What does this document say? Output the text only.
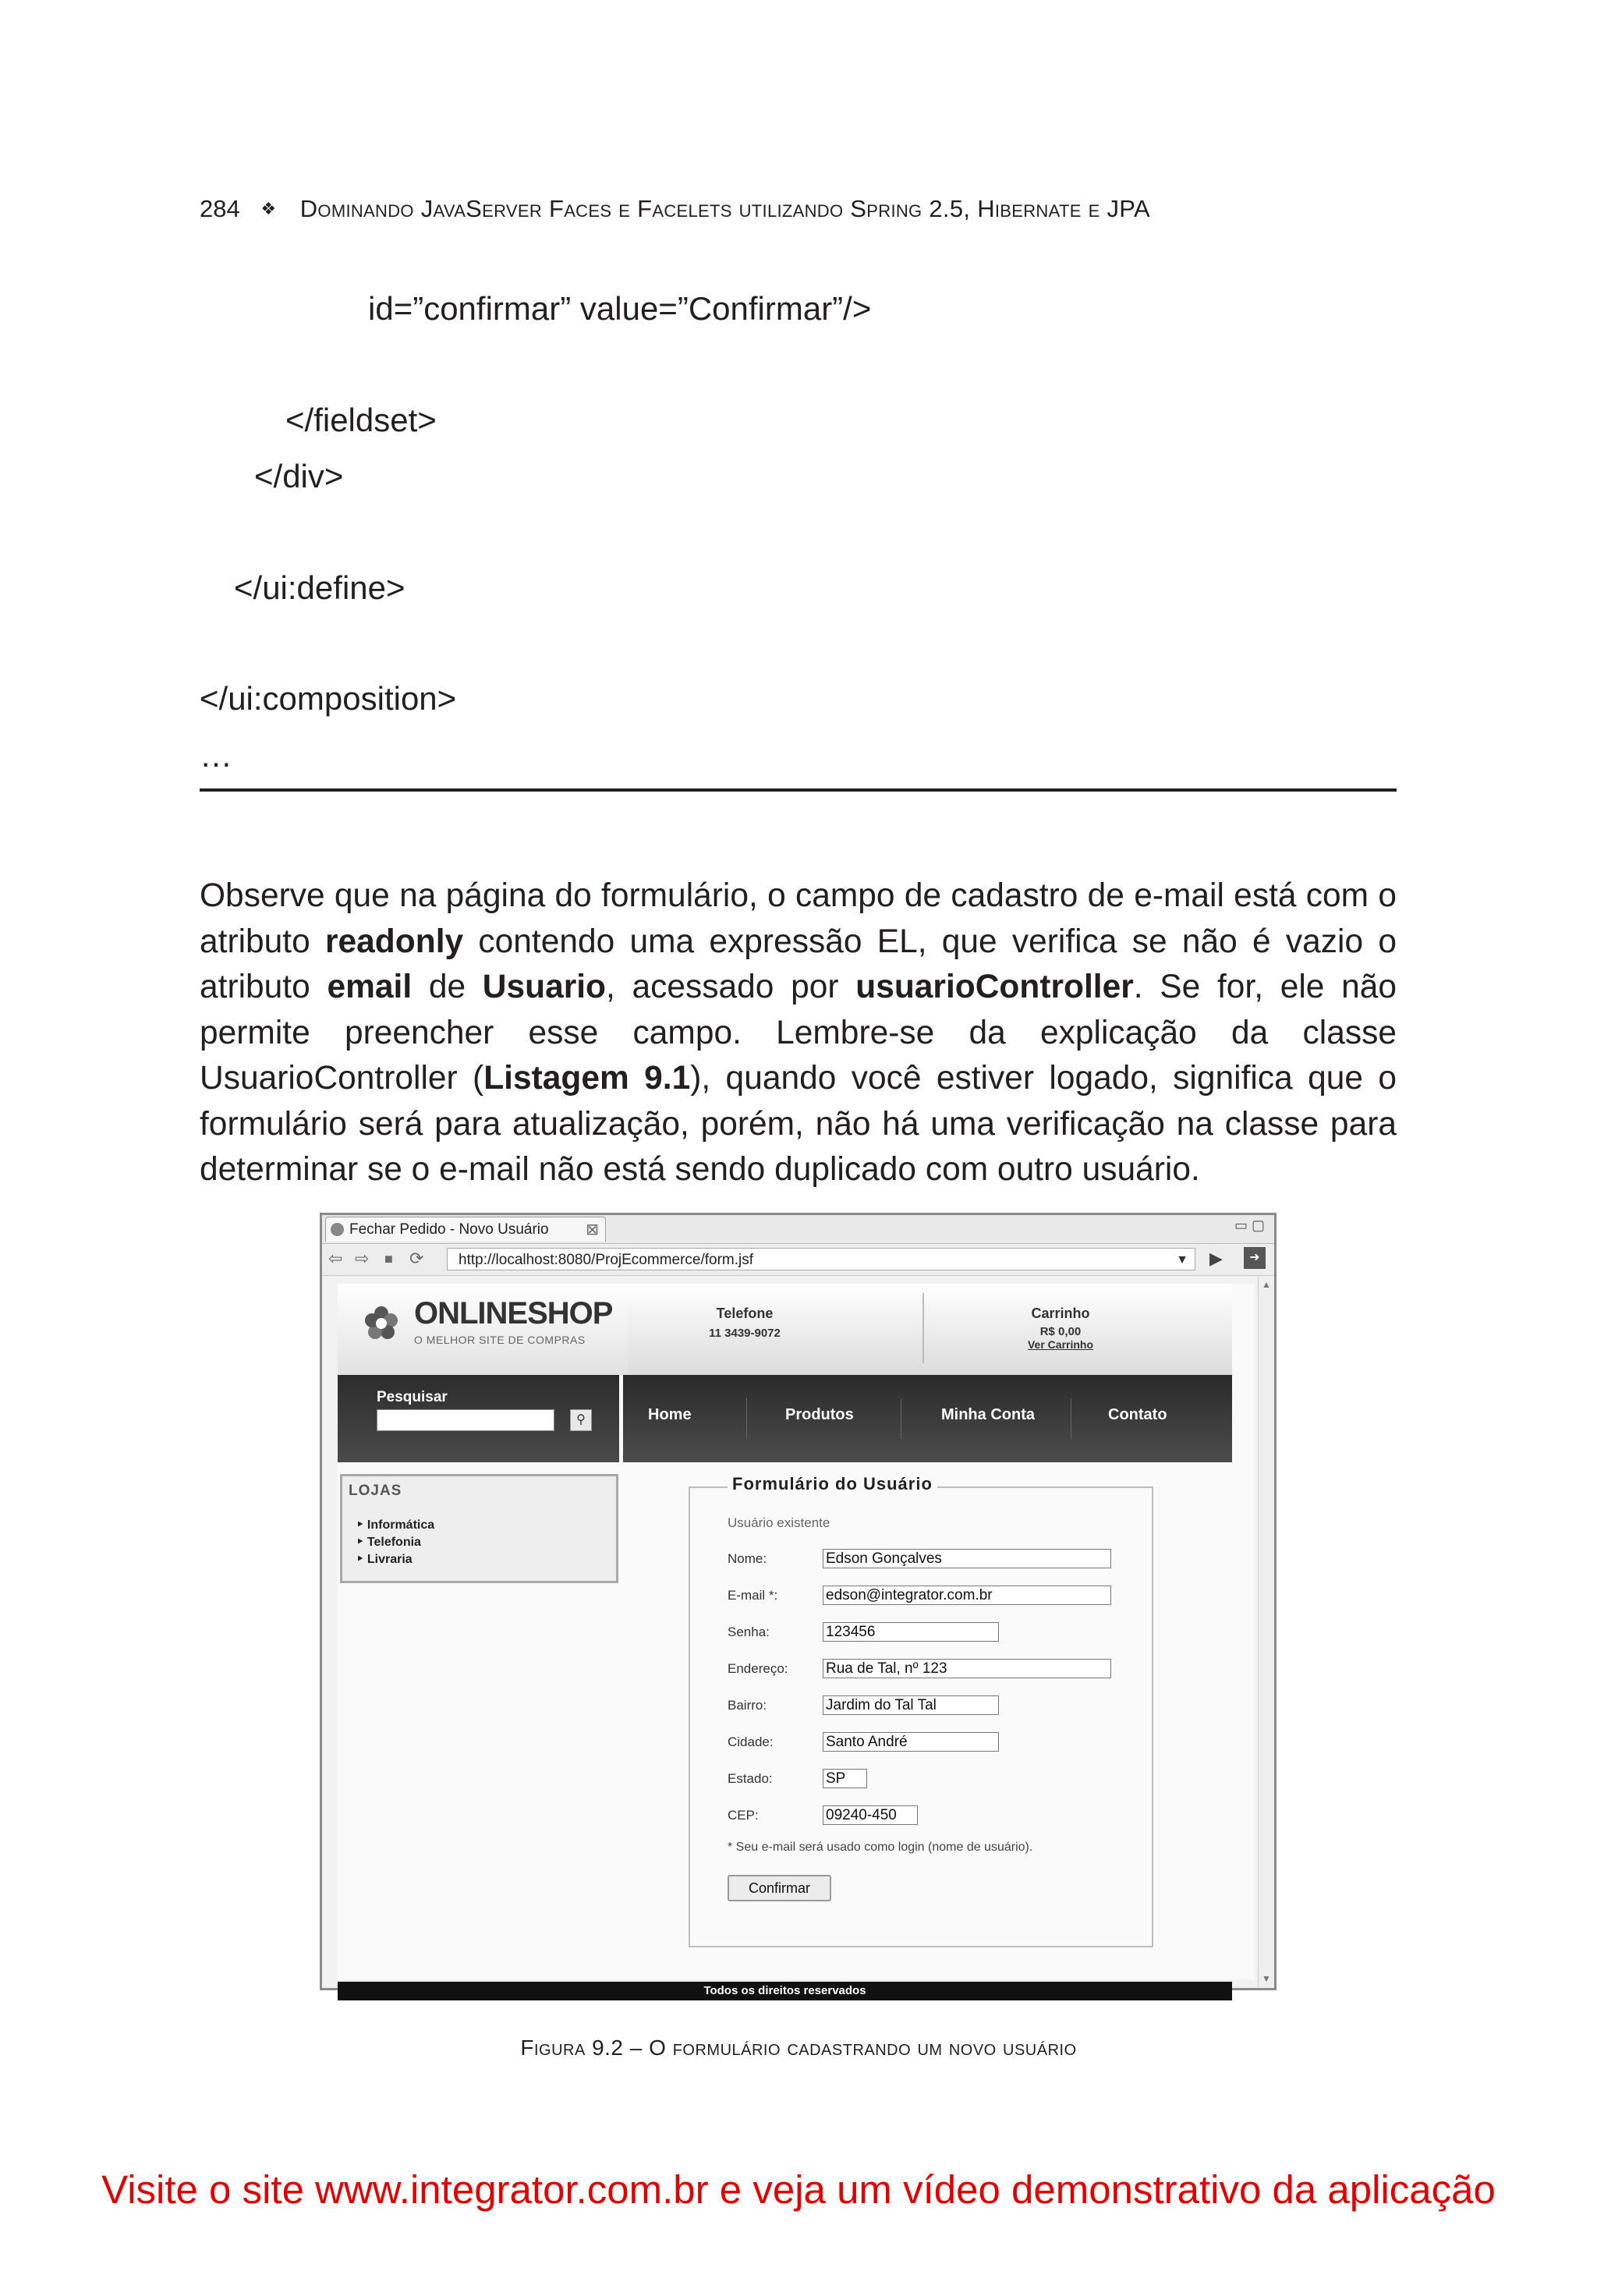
284 ❖ Dominando JavaServer Faces e Facelets utilizando Spring 2.5, Hibernate e JPA
id=”confirmar” value=”Confirmar”/>
</fieldset>
</div>
</ui:define>
</ui:composition>
…
Observe que na página do formulário, o campo de cadastro de e-mail está com o atributo readonly contendo uma expressão EL, que verifica se não é vazio o atributo email de Usuario, acessado por usuarioController. Se for, ele não permite preencher esse campo. Lembre-se da explicação da classe UsuarioController (Listagem 9.1), quando você estiver logado, significa que o formulário será para atualização, porém, não há uma verificação na classe para determinar se o e-mail não está sendo duplicado com outro usuário.
Fechar Pedido - Novo Usuário ⊠	▭ ▢
⇦ ⇨ ■ ⟳	http://localhost:8080/ProjEcommerce/form.jsf	▼ ▶	➜
ONLINESHOP
O MELHOR SITE DE COMPRAS
Telefone
11 3439-9072
Carrinho
R$ 0,00
Ver Carrinho
Pesquisar
⚲	Home	Produtos	Minha Conta	Contato
LOJAS
‣ Informática
‣ Telefonia
‣ Livraria
Formulário do Usuário
Usuário existente
Nome:	Edson Gonçalves
E-mail *:	edson@integrator.com.br
Senha:	123456
Endereço:	Rua de Tal, nº 123
Bairro:	Jardim do Tal Tal
Cidade:	Santo André
Estado:	SP
CEP:	09240-450
* Seu e-mail será usado como login (nome de usuário).
Confirmar
Todos os direitos reservados
▲
▼
Figura 9.2 – O formulário cadastrando um novo usuário
Visite o site www.integrator.com.br e veja um vídeo demonstrativo da aplicação
